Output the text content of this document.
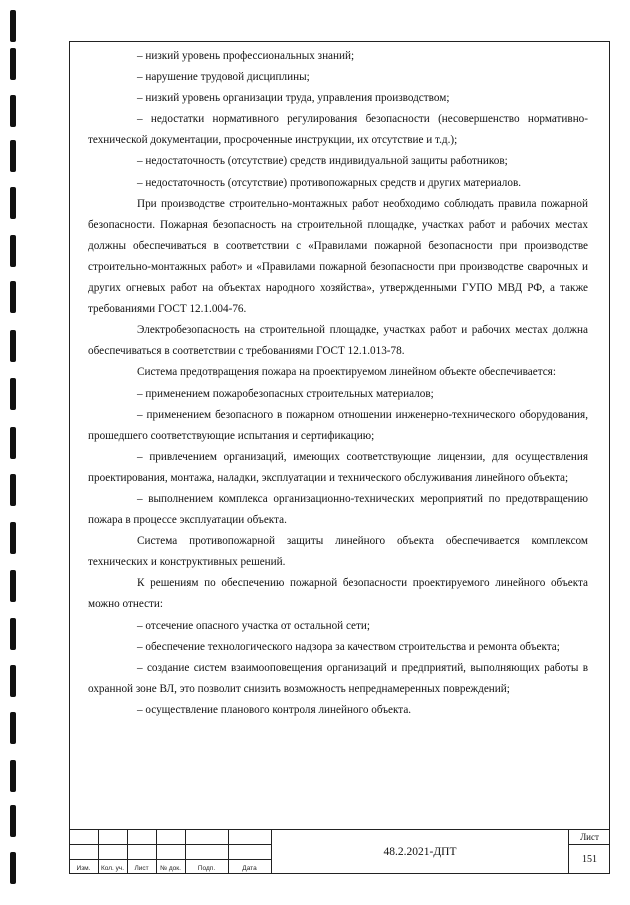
– низкий уровень профессиональных знаний;

– нарушение трудовой дисциплины;

– низкий уровень организации труда, управления производством;

– недостатки нормативного регулирования безопасности (несовершенство нормативно-технической документации, просроченные инструкции, их отсутствие и т.д.);

– недостаточность (отсутствие) средств индивидуальной защиты работников;

– недостаточность (отсутствие) противопожарных средств и других материалов.

При производстве строительно-монтажных работ необходимо соблюдать правила пожарной безопасности. Пожарная безопасность на строительной площадке, участках работ и рабочих местах должны обеспечиваться в соответствии с «Правилами пожарной безопасности при производстве строительно-монтажных работ» и «Правилами пожарной безопасности при производстве сварочных и других огневых работ на объектах народного хозяйства», утвержденными ГУПО МВД РФ, а также требованиями ГОСТ 12.1.004-76.

Электробезопасность на строительной площадке, участках работ и рабочих местах должна обеспечиваться в соответствии с требованиями ГОСТ 12.1.013-78.

Система предотвращения пожара на проектируемом линейном объекте обеспечивается:

– применением пожаробезопасных строительных материалов;

– применением безопасного в пожарном отношении инженерно-технического оборудования, прошедшего соответствующие испытания и сертификацию;

– привлечением организаций, имеющих соответствующие лицензии, для осуществления проектирования, монтажа, наладки, эксплуатации и технического обслуживания линейного объекта;

– выполнением комплекса организационно-технических мероприятий по предотвращению пожара в процессе эксплуатации объекта.

Система противопожарной защиты линейного объекта обеспечивается комплексом технических и конструктивных решений.

К решениям по обеспечению пожарной безопасности проектируемого линейного объекта можно отнести:

– отсечение опасного участка от остальной сети;

– обеспечение технологического надзора за качеством строительства и ремонта объекта;

– создание систем взаимооповещения организаций и предприятий, выполняющих работы в охранной зоне ВЛ, это позволит снизить возможность непреднамеренных повреждений;

– осуществление планового контроля линейного объекта.

Изм.	Кол. уч.	Лист	№ док.	Подп.	Дата
48.2.2021-ДПТ
Лист
151
